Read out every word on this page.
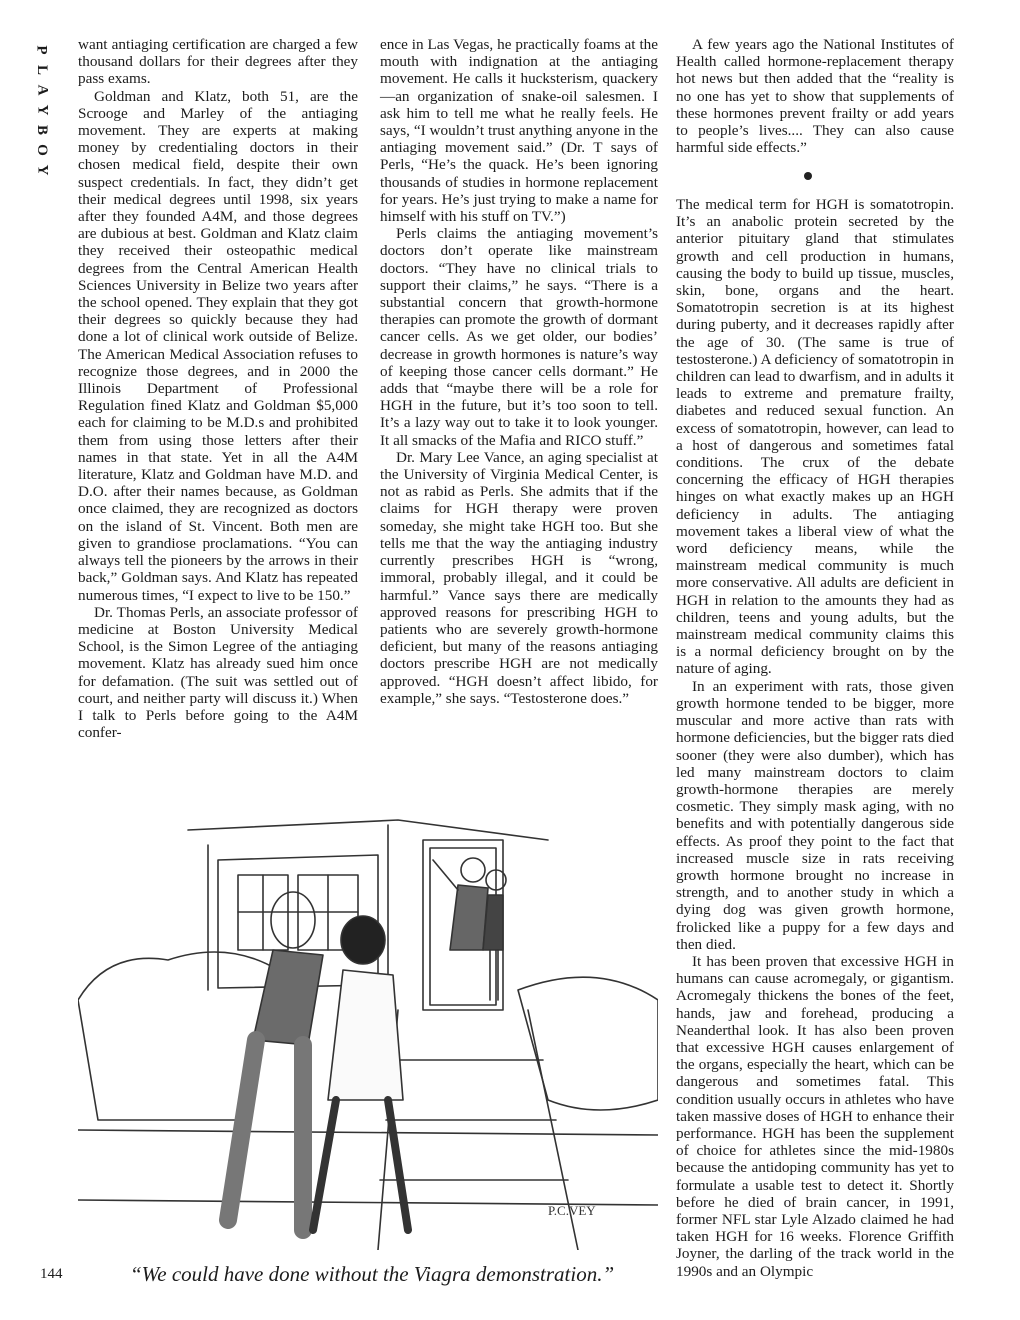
P
L
A
Y
B
O
Y

want antiaging certification are charged a few thousand dollars for their degrees after they pass exams.

Goldman and Klatz, both 51, are the Scrooge and Marley of the antiaging movement. They are experts at making money by credentialing doctors in their chosen medical field, despite their own suspect credentials. In fact, they didn’t get their medical degrees until 1998, six years after they founded A4M, and those degrees are dubious at best. Goldman and Klatz claim they received their osteopathic medical degrees from the Central American Health Sciences University in Belize two years after the school opened. They explain that they got their degrees so quickly because they had done a lot of clinical work outside of Belize. The American Medical Association refuses to recognize those degrees, and in 2000 the Illinois Department of Professional Regulation fined Klatz and Goldman $5,000 each for claiming to be M.D.s and prohibited them from using those letters after their names in that state. Yet in all the A4M literature, Klatz and Goldman have M.D. and D.O. after their names because, as Goldman once claimed, they are recognized as doctors on the island of St. Vincent. Both men are given to grandiose proclamations. “You can always tell the pioneers by the arrows in their back,” Goldman says. And Klatz has repeated numerous times, “I expect to live to be 150.”

Dr. Thomas Perls, an associate professor of medicine at Boston University Medical School, is the Simon Legree of the antiaging movement. Klatz has already sued him once for defamation. (The suit was settled out of court, and neither party will discuss it.) When I talk to Perls before going to the A4M confer-

ence in Las Vegas, he practically foams at the mouth with indignation at the antiaging movement. He calls it hucksterism, quackery—an organization of snake-oil salesmen. I ask him to tell me what he really feels. He says, “I wouldn’t trust anything anyone in the antiaging movement said.” (Dr. T says of Perls, “He’s the quack. He’s been ignoring thousands of studies in hormone replacement for years. He’s just trying to make a name for himself with his stuff on TV.”)

Perls claims the antiaging movement’s doctors don’t operate like mainstream doctors. “They have no clinical trials to support their claims,” he says. “There is a substantial concern that growth-hormone therapies can promote the growth of dormant cancer cells. As we get older, our bodies’ decrease in growth hormones is nature’s way of keeping those cancer cells dormant.” He adds that “maybe there will be a role for HGH in the future, but it’s too soon to tell. It’s a lazy way out to take it to look younger. It all smacks of the Mafia and RICO stuff.”

Dr. Mary Lee Vance, an aging specialist at the University of Virginia Medical Center, is not as rabid as Perls. She admits that if the claims for HGH therapy were proven someday, she might take HGH too. But she tells me that the way the antiaging industry currently prescribes HGH is “wrong, immoral, probably illegal, and it could be harmful.” Vance says there are medically approved reasons for prescribing HGH to patients who are severely growth-hormone deficient, but many of the reasons antiaging doctors prescribe HGH are not medically approved. “HGH doesn’t affect libido, for example,” she says. “Testosterone does.”

A few years ago the National Institutes of Health called hormone-replacement therapy hot news but then added that the “reality is no one has yet to show that supplements of these hormones prevent frailty or add years to people’s lives.... They can also cause harmful side effects.”

The medical term for HGH is somatotropin. It’s an anabolic protein secreted by the anterior pituitary gland that stimulates growth and cell production in humans, causing the body to build up tissue, muscles, skin, bone, organs and the heart. Somatotropin secretion is at its highest during puberty, and it decreases rapidly after the age of 30. (The same is true of testosterone.) A deficiency of somatotropin in children can lead to dwarfism, and in adults it leads to extreme and premature frailty, diabetes and reduced sexual function. An excess of somatotropin, however, can lead to a host of dangerous and sometimes fatal conditions. The crux of the debate concerning the efficacy of HGH therapies hinges on what exactly makes up an HGH deficiency in adults. The antiaging movement takes a liberal view of what the word deficiency means, while the mainstream medical community is much more conservative. All adults are deficient in HGH in relation to the amounts they had as children, teens and young adults, but the mainstream medical community claims this is a normal deficiency brought on by the nature of aging.

In an experiment with rats, those given growth hormone tended to be bigger, more muscular and more active than rats with hormone deficiencies, but the bigger rats died sooner (they were also dumber), which has led many mainstream doctors to claim growth-hormone therapies are merely cosmetic. They simply mask aging, with no benefits and with potentially dangerous side effects. As proof they point to the fact that increased muscle size in rats receiving growth hormone brought no increase in strength, and to another study in which a dying dog was given growth hormone, frolicked like a puppy for a few days and then died.

It has been proven that excessive HGH in humans can cause acromegaly, or gigantism. Acromegaly thickens the bones of the feet, hands, jaw and forehead, producing a Neanderthal look. It has also been proven that excessive HGH causes enlargement of the organs, especially the heart, which can be dangerous and sometimes fatal. This condition usually occurs in athletes who have taken massive doses of HGH to enhance their performance. HGH has been the supplement of choice for athletes since the mid-1980s because the antidoping community has yet to formulate a usable test to detect it. Shortly before he died of brain cancer, in 1991, former NFL star Lyle Alzado claimed he had taken HGH for 16 weeks. Florence Griffith Joyner, the darling of the track world in the 1990s and an Olympic

P.C.VEY
144	“We could have done without the Viagra demonstration.”
